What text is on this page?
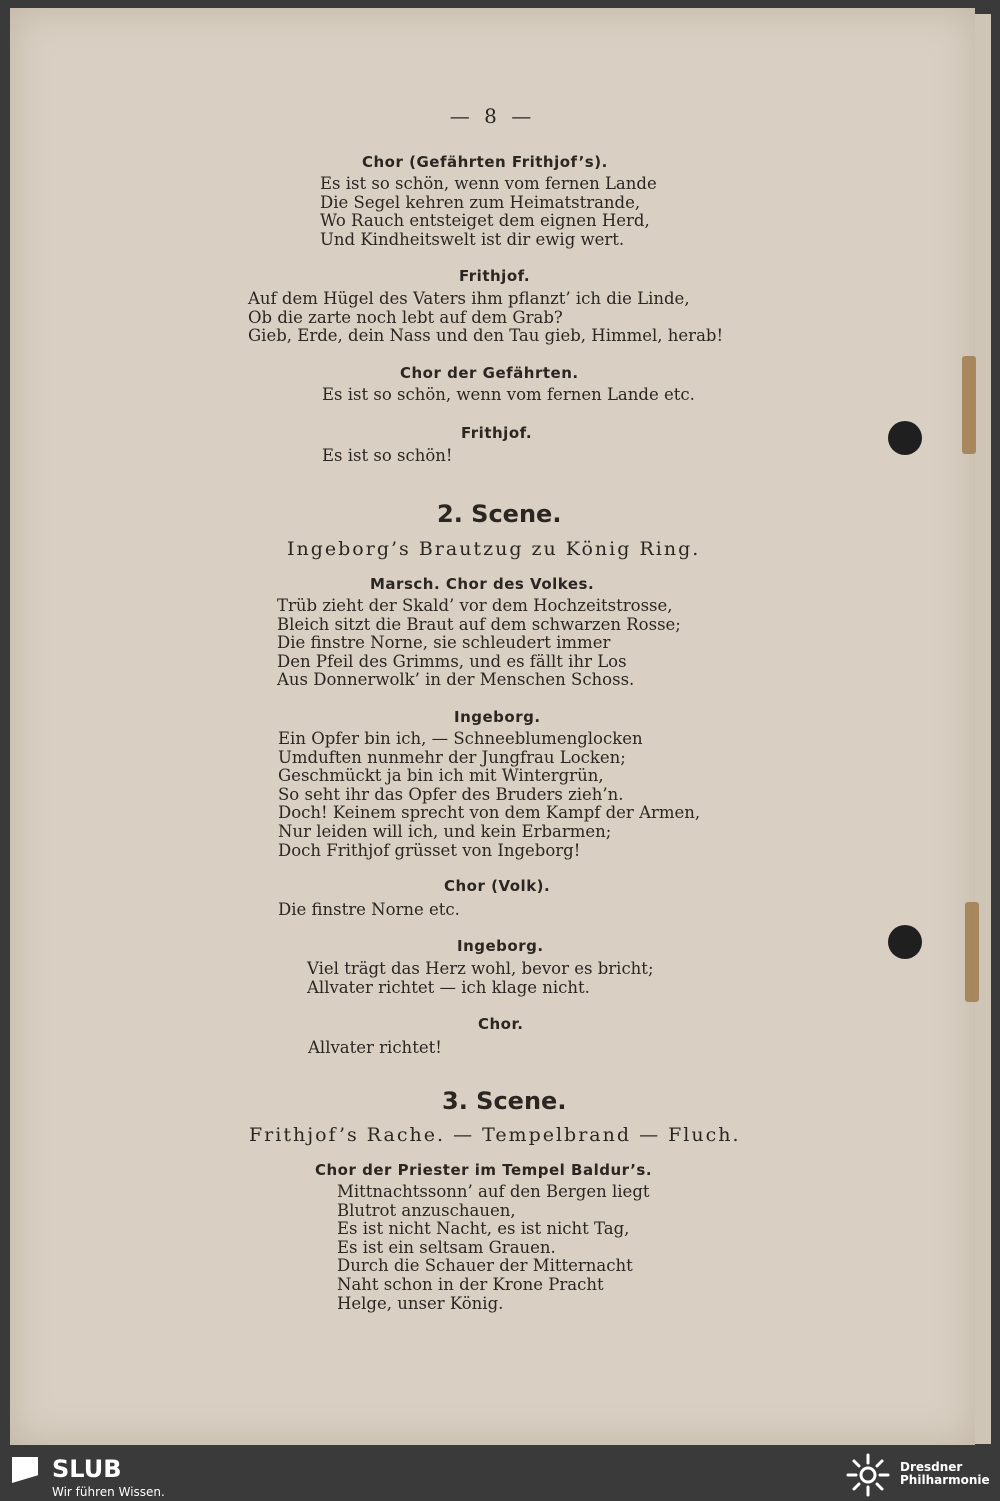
— 8 —
Chor (Gefährten Frithjof’s).
Es ist so schön, wenn vom fernen Lande
Die Segel kehren zum Heimatstrande,
Wo Rauch entsteiget dem eignen Herd,
Und Kindheitswelt ist dir ewig wert.
Frithjof.
Auf dem Hügel des Vaters ihm pflanzt’ ich die Linde,
Ob die zarte noch lebt auf dem Grab?
Gieb, Erde, dein Nass und den Tau gieb, Himmel, herab!
Chor der Gefährten.
Es ist so schön, wenn vom fernen Lande etc.
Frithjof.
Es ist so schön!
2. Scene.
Ingeborg’s Brautzug zu König Ring.
Marsch. Chor des Volkes.
Trüb zieht der Skald’ vor dem Hochzeitstrosse,
Bleich sitzt die Braut auf dem schwarzen Rosse;
Die finstre Norne, sie schleudert immer
Den Pfeil des Grimms, und es fällt ihr Los
Aus Donnerwolk’ in der Menschen Schoss.
Ingeborg.
Ein Opfer bin ich, — Schneeblumenglocken
Umduften nunmehr der Jungfrau Locken;
Geschmückt ja bin ich mit Wintergrün,
So seht ihr das Opfer des Bruders zieh’n.
Doch! Keinem sprecht von dem Kampf der Armen,
Nur leiden will ich, und kein Erbarmen;
Doch Frithjof grüsset von Ingeborg!
Chor (Volk).
Die finstre Norne etc.
Ingeborg.
Viel trägt das Herz wohl, bevor es bricht;
Allvater richtet — ich klage nicht.
Chor.
Allvater richtet!
3. Scene.
Frithjof’s Rache. — Tempelbrand — Fluch.
Chor der Priester im Tempel Baldur’s.
Mittnachtssonn’ auf den Bergen liegt
Blutrot anzuschauen,
Es ist nicht Nacht, es ist nicht Tag,
Es ist ein seltsam Grauen.
Durch die Schauer der Mitternacht
Naht schon in der Krone Pracht
Helge, unser König.
SLUB
Wir führen Wissen.
Dresdner
Philharmonie
